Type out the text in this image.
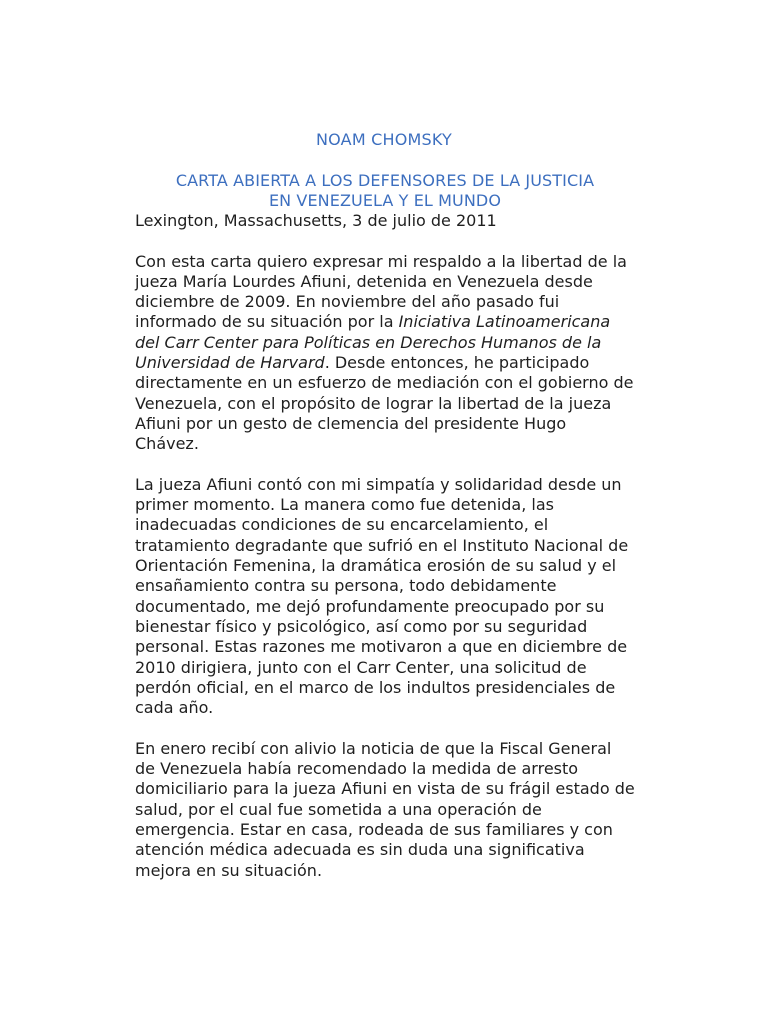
NOAM CHOMSKY
CARTA ABIERTA A LOS DEFENSORES DE LA JUSTICIA
EN VENEZUELA Y EL MUNDO

Lexington, Massachusetts, 3 de julio de 2011

Con esta carta quiero expresar mi respaldo a la libertad de la jueza María Lourdes Afiuni, detenida en Venezuela desde diciembre de 2009. En noviembre del año pasado fui informado de su situación por la Iniciativa Latinoamericana del Carr Center para Políticas en Derechos Humanos de la Universidad de Harvard. Desde entonces, he participado directamente en un esfuerzo de mediación con el gobierno de Venezuela, con el propósito de lograr la libertad de la jueza Afiuni por un gesto de clemencia del presidente Hugo Chávez.

La jueza Afiuni contó con mi simpatía y solidaridad desde un primer momento. La manera como fue detenida, las inadecuadas condiciones de su encarcelamiento, el tratamiento degradante que sufrió en el Instituto Nacional de Orientación Femenina, la dramática erosión de su salud y el ensañamiento contra su persona, todo debidamente documentado, me dejó profundamente preocupado por su bienestar físico y psicológico, así como por su seguridad personal. Estas razones me motivaron a que en diciembre de 2010 dirigiera, junto con el Carr Center, una solicitud de perdón oficial, en el marco de los indultos presidenciales de cada año.

En enero recibí con alivio la noticia de que la Fiscal General de Venezuela había recomendado la medida de arresto domiciliario para la jueza Afiuni en vista de su frágil estado de salud, por el cual fue sometida a una operación de emergencia. Estar en casa, rodeada de sus familiares y con atención médica adecuada es sin duda una significativa mejora en su situación.
